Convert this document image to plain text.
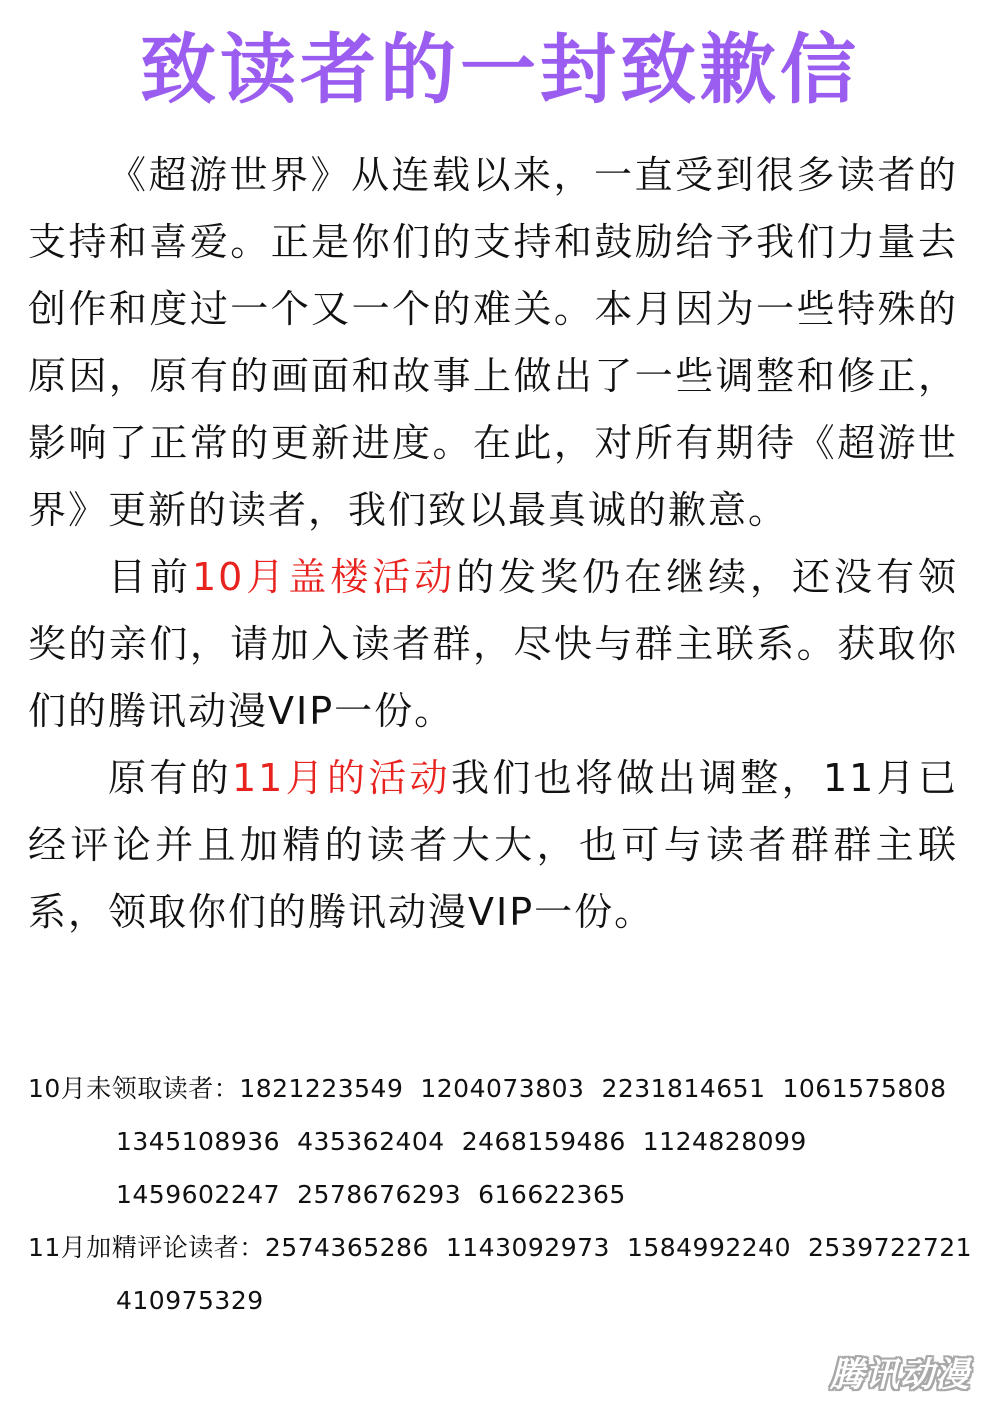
致读者的一封致歉信

《超游世界》从连载以来，一直受到很多读者的支持和喜爱。正是你们的支持和鼓励给予我们力量去创作和度过一个又一个的难关。本月因为一些特殊的原因，原有的画面和故事上做出了一些调整和修正，影响了正常的更新进度。在此，对所有期待《超游世界》更新的读者，我们致以最真诚的歉意。

目前10月盖楼活动的发奖仍在继续，还没有领奖的亲们，请加入读者群，尽快与群主联系。获取你们的腾讯动漫VIP一份。

原有的11月的活动我们也将做出调整，11月已经评论并且加精的读者大大，也可与读者群群主联系，领取你们的腾讯动漫VIP一份。

10月未领取读者：1821223549 1204073803 2231814651 1061575808
1345108936 435362404 2468159486 11248280991459602247 2578676293 616622365
11月加精评论读者：2574365286 1143092973 1584992240 2539722721
410975329
腾讯动漫
